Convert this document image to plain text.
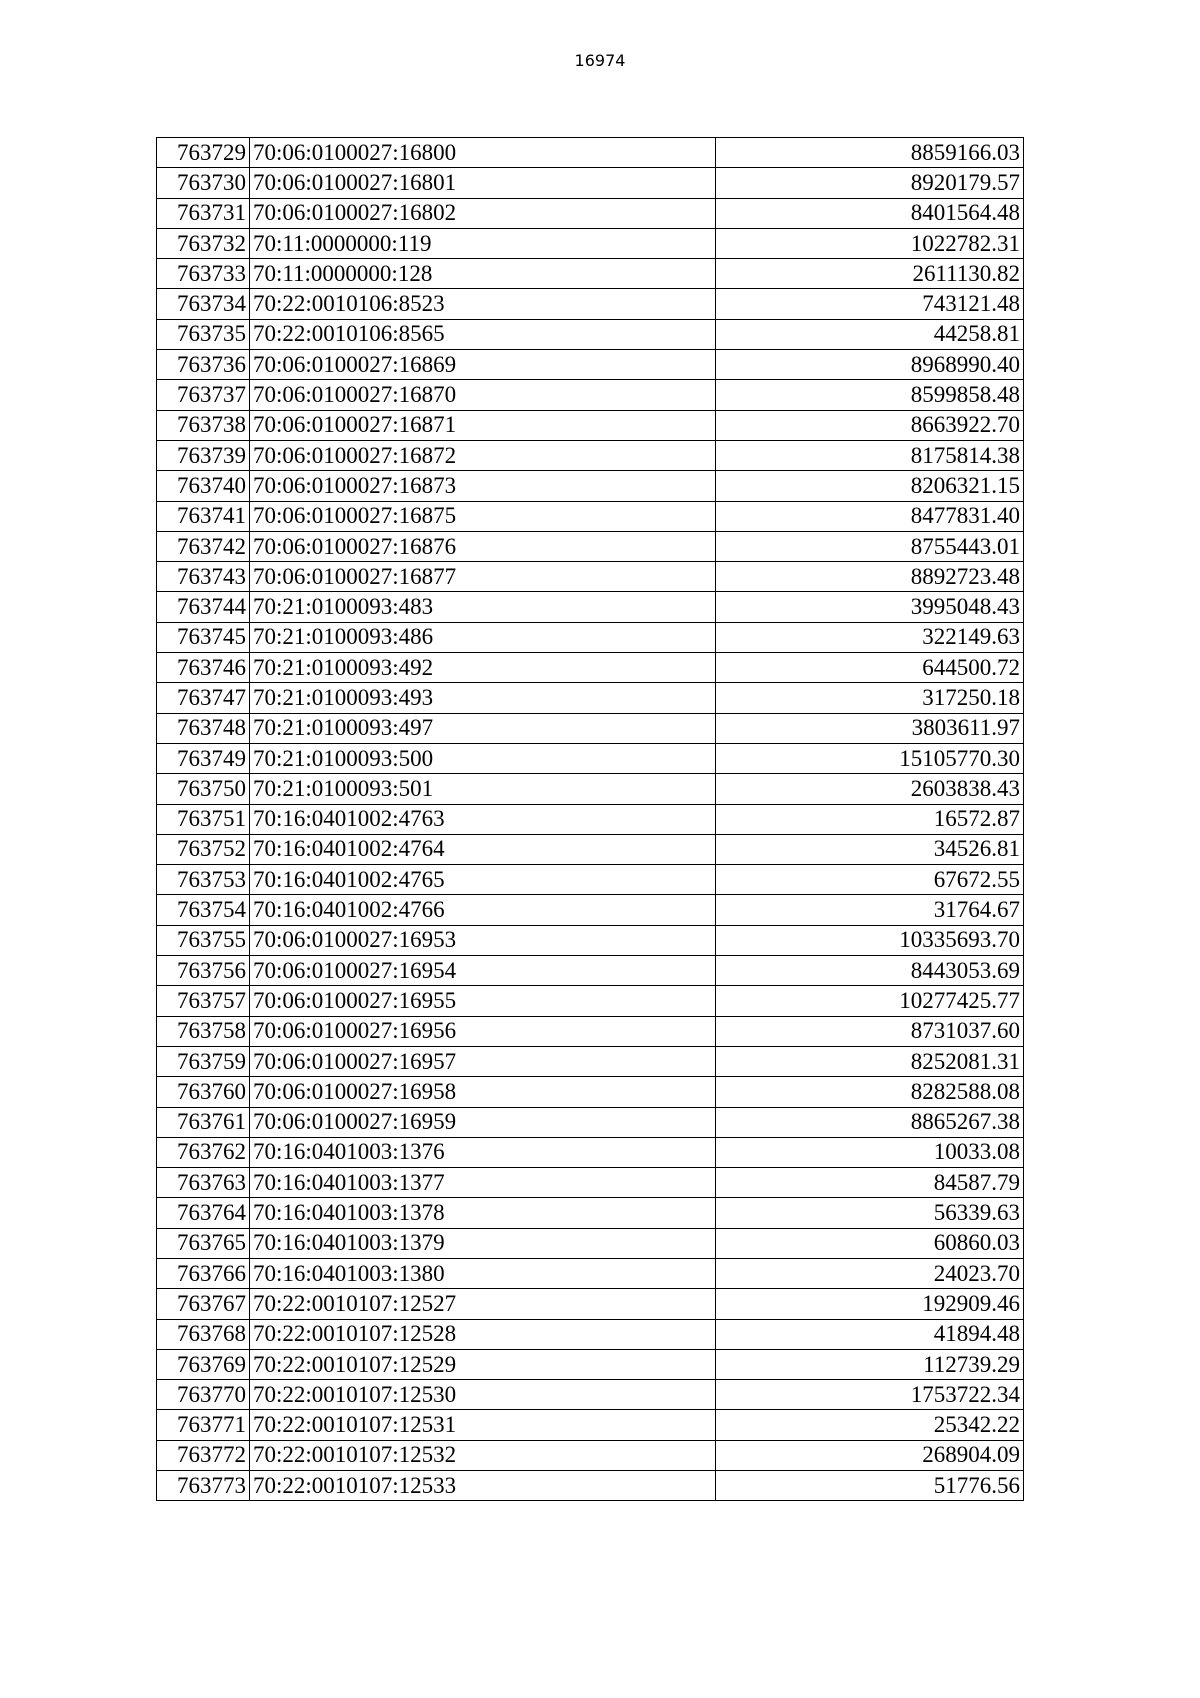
16974
763729	70:06:0100027:16800	8859166.03
763730	70:06:0100027:16801	8920179.57
763731	70:06:0100027:16802	8401564.48
763732	70:11:0000000:119	1022782.31
763733	70:11:0000000:128	2611130.82
763734	70:22:0010106:8523	743121.48
763735	70:22:0010106:8565	44258.81
763736	70:06:0100027:16869	8968990.40
763737	70:06:0100027:16870	8599858.48
763738	70:06:0100027:16871	8663922.70
763739	70:06:0100027:16872	8175814.38
763740	70:06:0100027:16873	8206321.15
763741	70:06:0100027:16875	8477831.40
763742	70:06:0100027:16876	8755443.01
763743	70:06:0100027:16877	8892723.48
763744	70:21:0100093:483	3995048.43
763745	70:21:0100093:486	322149.63
763746	70:21:0100093:492	644500.72
763747	70:21:0100093:493	317250.18
763748	70:21:0100093:497	3803611.97
763749	70:21:0100093:500	15105770.30
763750	70:21:0100093:501	2603838.43
763751	70:16:0401002:4763	16572.87
763752	70:16:0401002:4764	34526.81
763753	70:16:0401002:4765	67672.55
763754	70:16:0401002:4766	31764.67
763755	70:06:0100027:16953	10335693.70
763756	70:06:0100027:16954	8443053.69
763757	70:06:0100027:16955	10277425.77
763758	70:06:0100027:16956	8731037.60
763759	70:06:0100027:16957	8252081.31
763760	70:06:0100027:16958	8282588.08
763761	70:06:0100027:16959	8865267.38
763762	70:16:0401003:1376	10033.08
763763	70:16:0401003:1377	84587.79
763764	70:16:0401003:1378	56339.63
763765	70:16:0401003:1379	60860.03
763766	70:16:0401003:1380	24023.70
763767	70:22:0010107:12527	192909.46
763768	70:22:0010107:12528	41894.48
763769	70:22:0010107:12529	112739.29
763770	70:22:0010107:12530	1753722.34
763771	70:22:0010107:12531	25342.22
763772	70:22:0010107:12532	268904.09
763773	70:22:0010107:12533	51776.56
